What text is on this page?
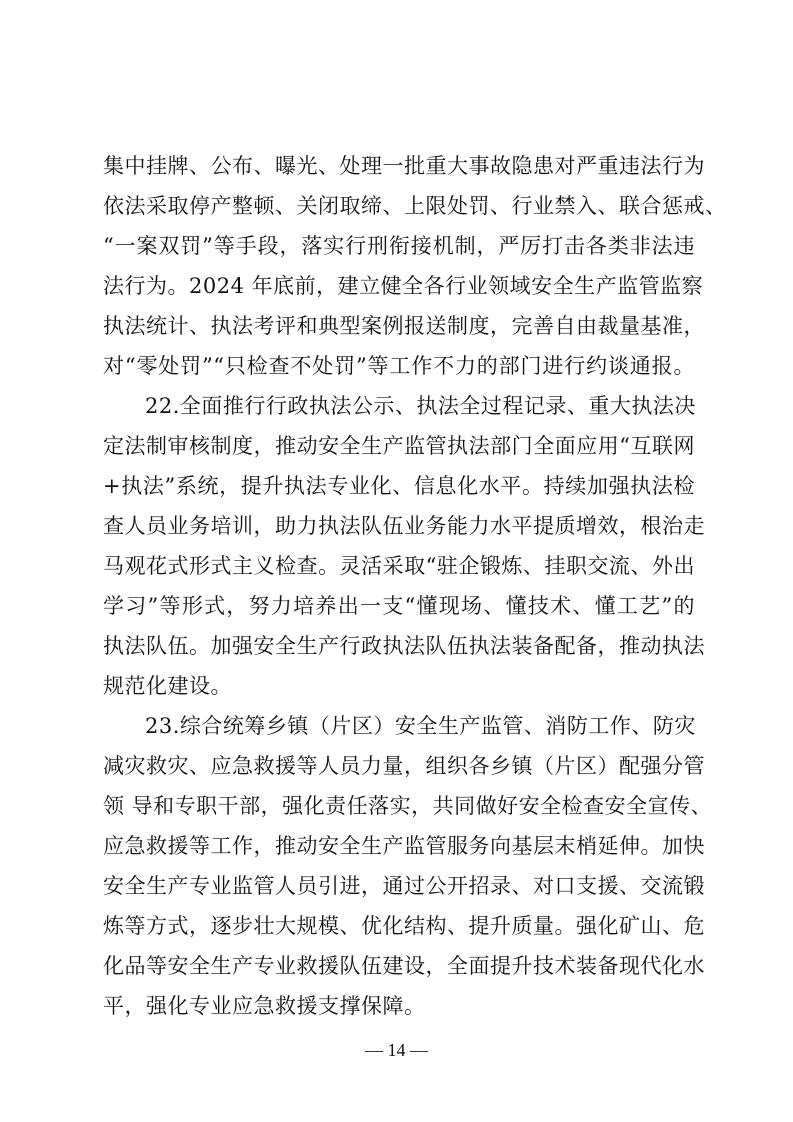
集中挂牌、公布、曝光、处理一批重大事故隐患对严重违法行为
依法采取停产整顿、关闭取缔、上限处罚、行业禁入、联合惩戒、
“一案双罚”等手段，落实行刑衔接机制，严厉打击各类非法违
法行为。2024 年底前，建立健全各行业领域安全生产监管监察
执法统计、执法考评和典型案例报送制度，完善自由裁量基准，
对“零处罚”“只检查不处罚”等工作不力的部门进行约谈通报。
22.全面推行行政执法公示、执法全过程记录、重大执法决
定法制审核制度，推动安全生产监管执法部门全面应用“互联网
+执法”系统，提升执法专业化、信息化水平。持续加强执法检
查人员业务培训，助力执法队伍业务能力水平提质增效，根治走
马观花式形式主义检查。灵活采取“驻企锻炼、挂职交流、外出
学习”等形式，努力培养出一支“懂现场、懂技术、懂工艺”的
执法队伍。加强安全生产行政执法队伍执法装备配备，推动执法
规范化建设。
23.综合统筹乡镇（片区）安全生产监管、消防工作、防灾
减灾救灾、应急救援等人员力量，组织各乡镇（片区）配强分管
领 导和专职干部，强化责任落实，共同做好安全检查安全宣传、
应急救援等工作，推动安全生产监管服务向基层末梢延伸。加快
安全生产专业监管人员引进，通过公开招录、对口支援、交流锻
炼等方式，逐步壮大规模、优化结构、提升质量。强化矿山、危
化品等安全生产专业救援队伍建设，全面提升技术装备现代化水
平，强化专业应急救援支撑保障。
— 14 —
